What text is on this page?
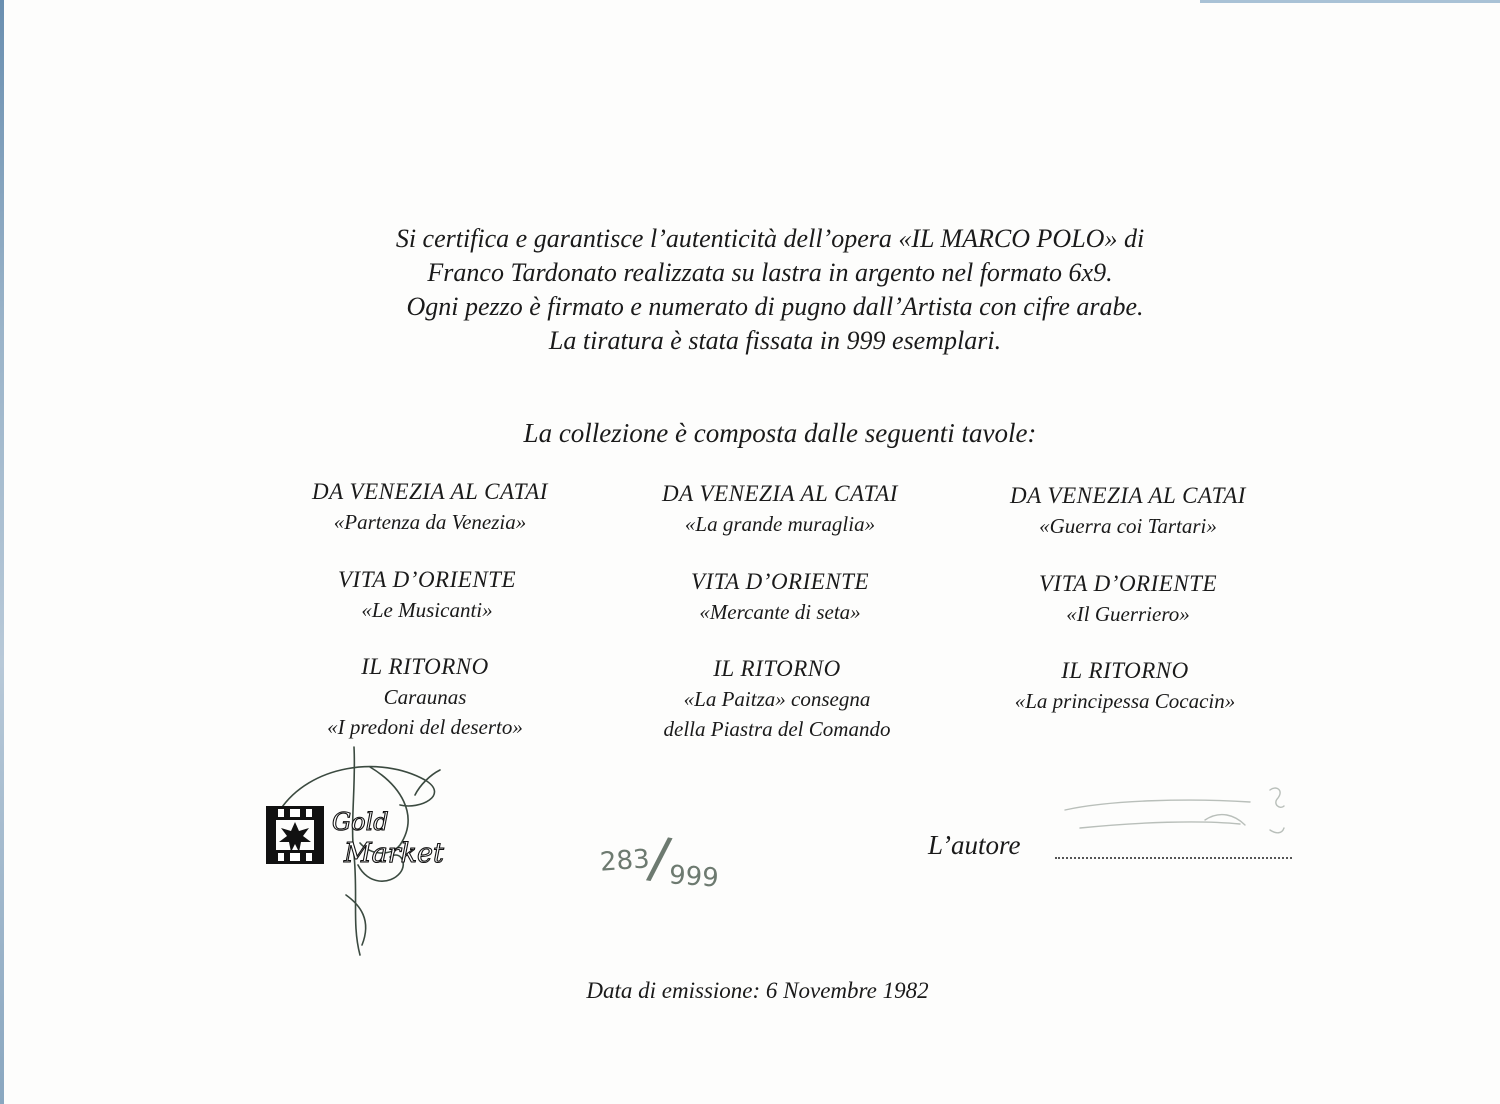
Si certifica e garantisce l’autenticità dell’opera «IL MARCO POLO» di
Franco Tardonato realizzata su lastra in argento nel formato 6x9.
Ogni pezzo è firmato e numerato di pugno dall’Artista con cifre arabe.
La tiratura è stata fissata in 999 esemplari.
La collezione è composta dalle seguenti tavole:
DA VENEZIA AL CATAI
«Partenza da Venezia»
DA VENEZIA AL CATAI
«La grande muraglia»
DA VENEZIA AL CATAI
«Guerra coi Tartari»
VITA D’ORIENTE
«Le Musicanti»
VITA D’ORIENTE
«Mercante di seta»
VITA D’ORIENTE
«Il Guerriero»
IL RITORNO
Caraunas
«I predoni del deserto»
IL RITORNO
«La Paitza» consegna
della Piastra del Comando
IL RITORNO
«La principessa Cocacin»
Gold
Market	283/999
L’autore
Data di emissione: 6 Novembre 1982
